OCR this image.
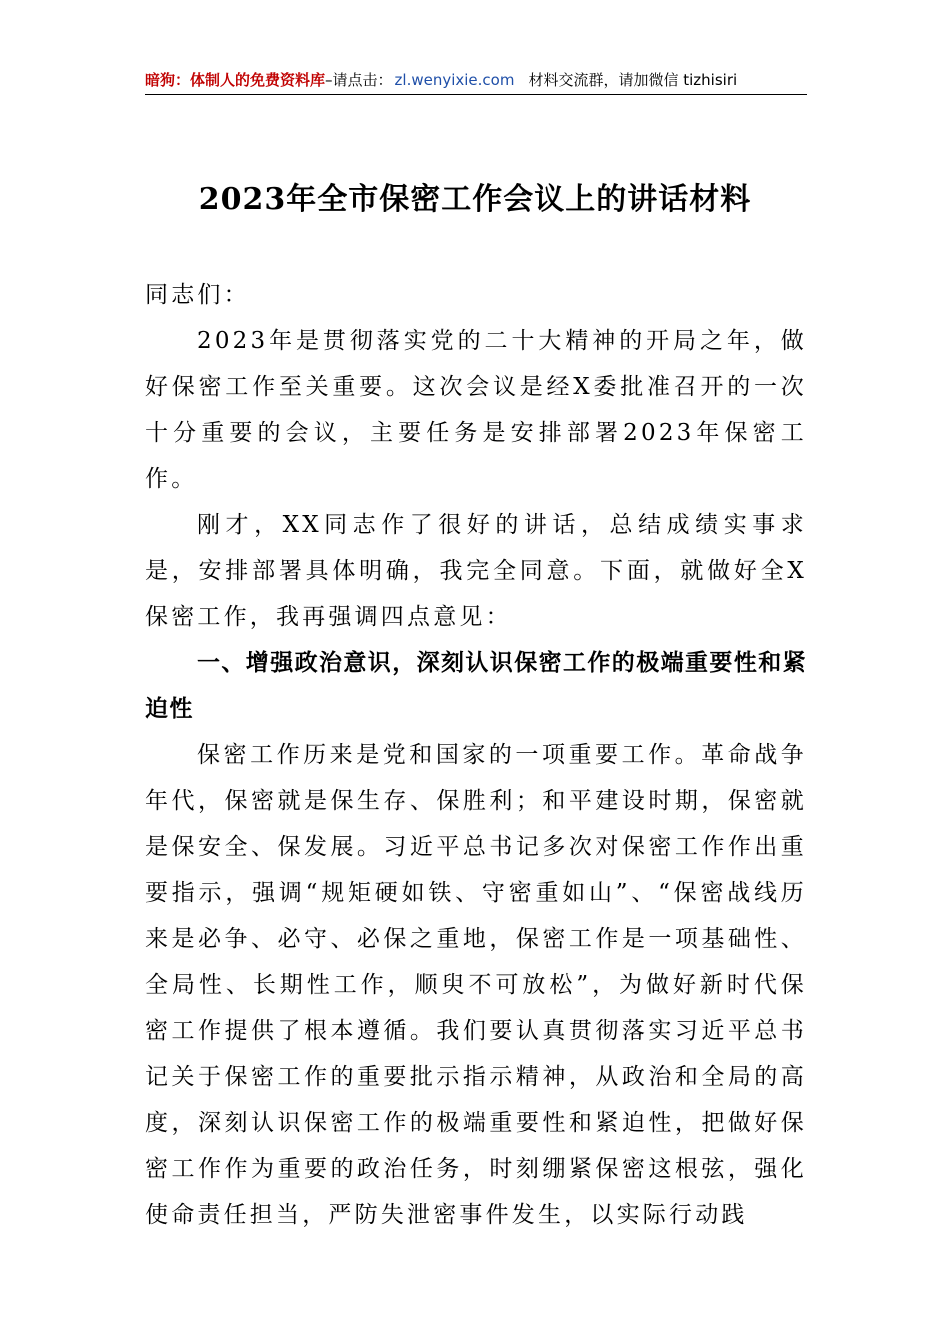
暗狗：体制人的免费资料库–请点击： zl.wenyixie.com 材料交流群，请加微信 tizhisiri
2023年全市保密工作会议上的讲话材料

同志们：

2023年是贯彻落实党的二十大精神的开局之年，做好保密工作至关重要。这次会议是经X委批准召开的一次十分重要的会议，主要任务是安排部署2023年保密工作。

刚才，XX同志作了很好的讲话，总结成绩实事求是，安排部署具体明确，我完全同意。下面，就做好全X保密工作，我再强调四点意见：

一、增强政治意识，深刻认识保密工作的极端重要性和紧迫性

保密工作历来是党和国家的一项重要工作。革命战争年代，保密就是保生存、保胜利；和平建设时期，保密就是保安全、保发展。习近平总书记多次对保密工作作出重要指示，强调“规矩硬如铁、守密重如山”、“保密战线历来是必争、必守、必保之重地，保密工作是一项基础性、全局性、长期性工作，顺臾不可放松”，为做好新时代保密工作提供了根本遵循。我们要认真贯彻落实习近平总书记关于保密工作的重要批示指示精神，从政治和全局的高度，深刻认识保密工作的极端重要性和紧迫性，把做好保密工作作为重要的政治任务，时刻绷紧保密这根弦，强化使命责任担当，严防失泄密事件发生，以实际行动践
